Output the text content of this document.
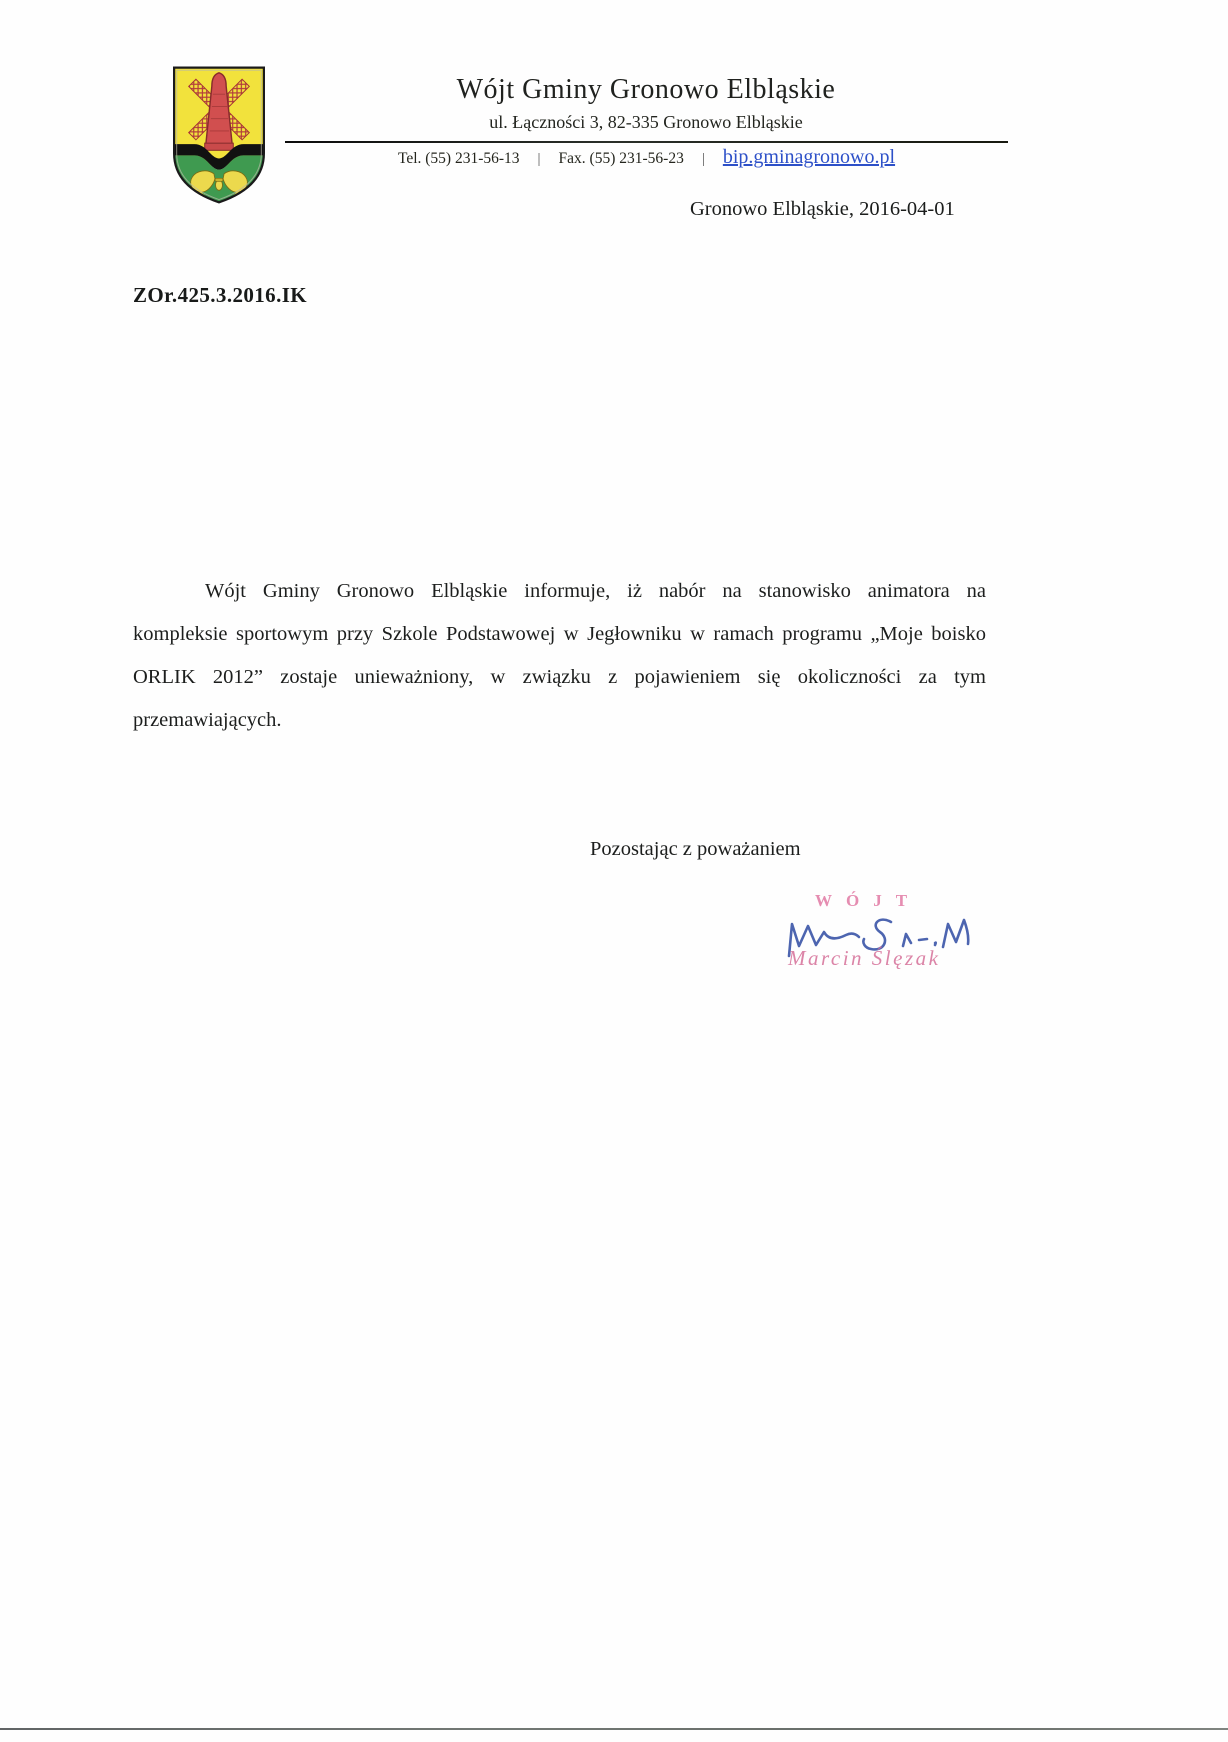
Wójt Gminy Gronowo Elbląskie
ul. Łączności 3, 82-335 Gronowo Elbląskie
Tel. (55) 231-56-13 | Fax. (55) 231-56-23 | bip.gminagronowo.pl
Gronowo Elbląskie, 2016-04-01
ZOr.425.3.2016.IK

Wójt Gminy Gronowo Elbląskie informuje, iż nabór na stanowisko animatora na kompleksie sportowym przy Szkole Podstawowej w Jegłowniku w ramach programu „Moje boisko ORLIK 2012” zostaje unieważniony, w związku z pojawieniem się okoliczności za tym przemawiających.

Pozostając z poważaniem
WÓJT
Marcin Ślęzak
